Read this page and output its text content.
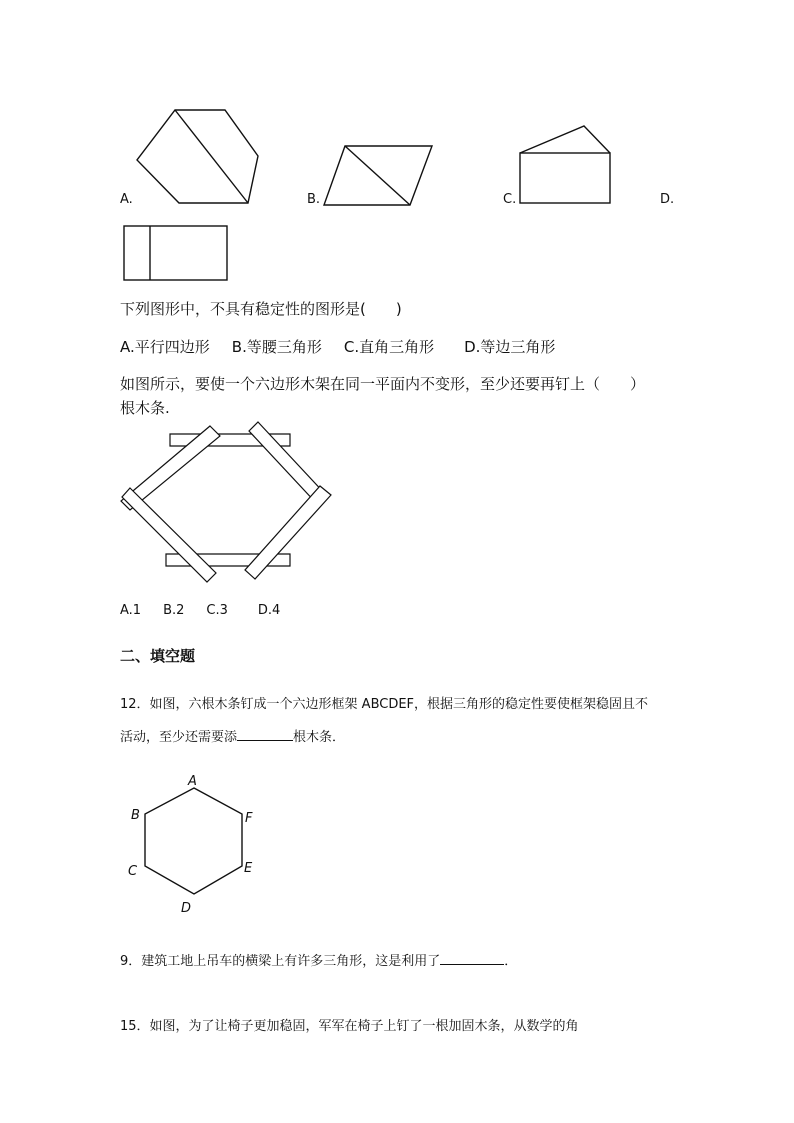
A.	B.	C.	D.
下列图形中，不具有稳定性的图形是(　　)
A.平行四边形 B.等腰三角形 C.直角三角形 D.等边三角形
如图所示，要使一个六边形木架在同一平面内不变形，至少还要再钉上（　　）
根木条.
A.1 B.2 C.3 D.4
二、填空题
12．如图，六根木条钉成一个六边形框架 ABCDEF，根据三角形的稳定性要使框架稳固且不
活动，至少还需要添	根木条．
A
B
C
D
E
F
9．建筑工地上吊车的横梁上有许多三角形，这是利用了	．
15．如图，为了让椅子更加稳固，军军在椅子上钉了一根加固木条，从数学的角
